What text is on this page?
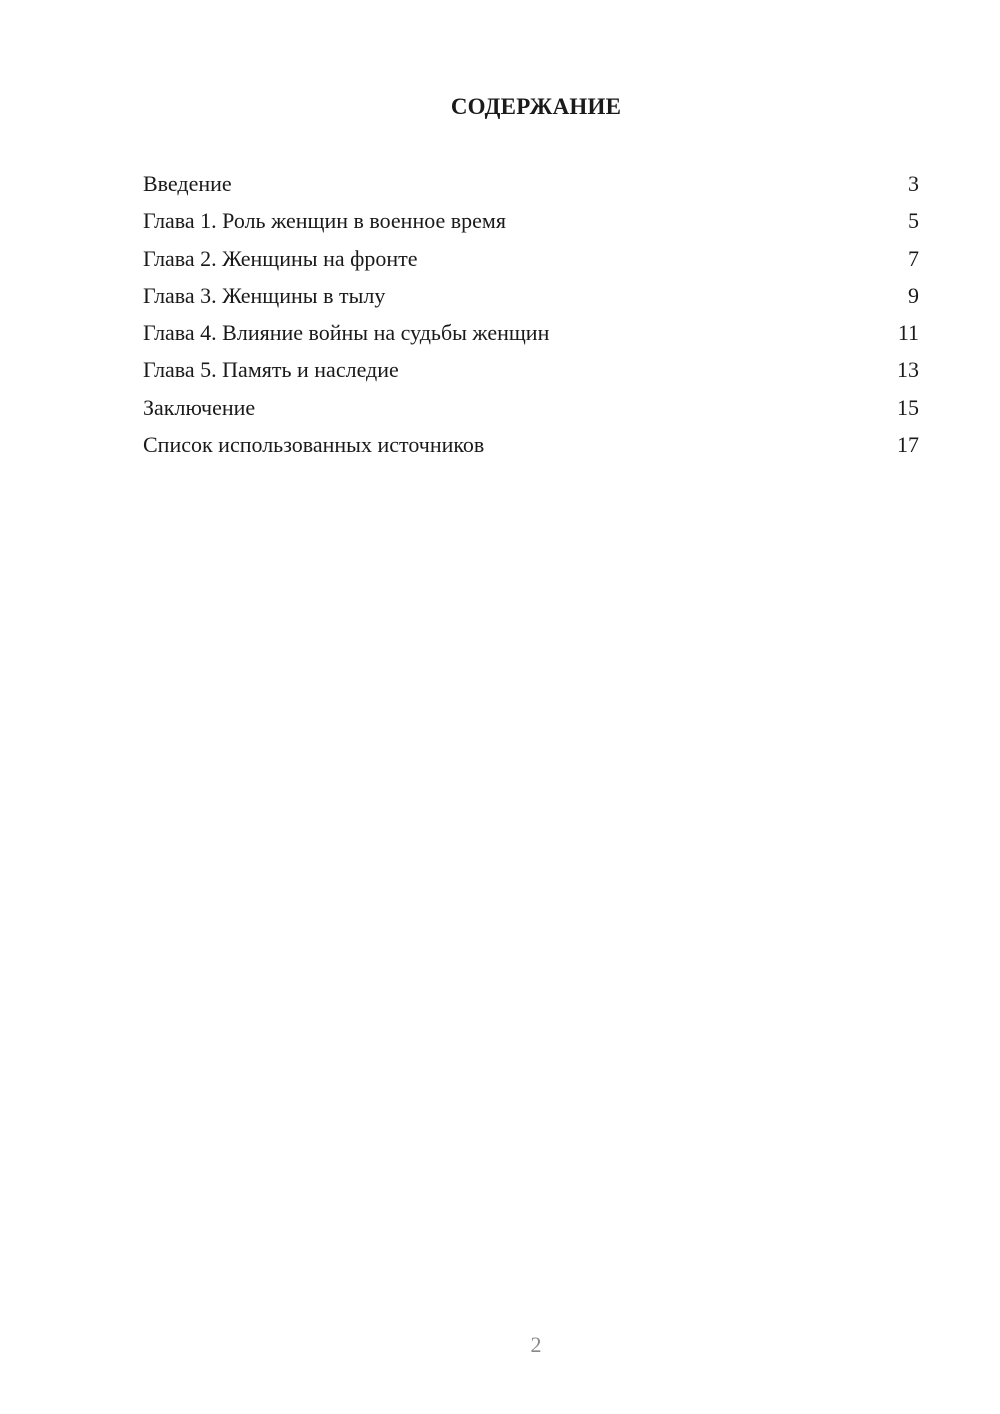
СОДЕРЖАНИЕ
Введение	3
Глава 1. Роль женщин в военное время	5
Глава 2. Женщины на фронте	7
Глава 3. Женщины в тылу	9
Глава 4. Влияние войны на судьбы женщин	11
Глава 5. Память и наследие	13
Заключение	15
Список использованных источников	17
2
